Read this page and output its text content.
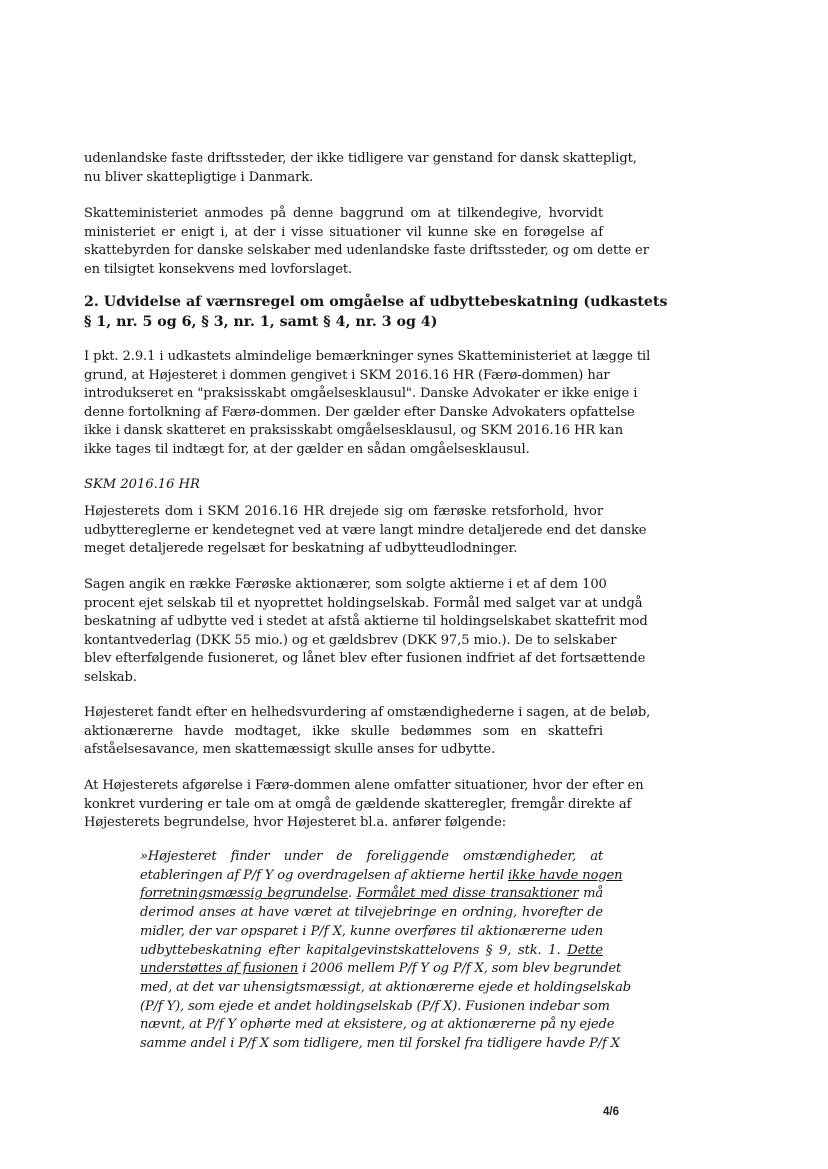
udenlandske faste driftssteder, der ikke tidligere var genstand for dansk skattepligt,
nu bliver skattepligtige i Danmark.
Skatteministeriet anmodes på denne baggrund om at tilkendegive, hvorvidt
ministeriet er enigt i, at der i visse situationer vil kunne ske en forøgelse af
skattebyrden for danske selskaber med udenlandske faste driftssteder, og om dette er
en tilsigtet konsekvens med lovforslaget.
2. Udvidelse af værnsregel om omgåelse af udbyttebeskatning (udkastets
§ 1, nr. 5 og 6, § 3, nr. 1, samt § 4, nr. 3 og 4)
I pkt. 2.9.1 i udkastets almindelige bemærkninger synes Skatteministeriet at lægge til
grund, at Højesteret i dommen gengivet i SKM 2016.16 HR (Færø-dommen) har
introdukseret en "praksisskabt omgåelsesklausul". Danske Advokater er ikke enige i
denne fortolkning af Færø-dommen. Der gælder efter Danske Advokaters opfattelse
ikke i dansk skatteret en praksisskabt omgåelsesklausul, og SKM 2016.16 HR kan
ikke tages til indtægt for, at der gælder en sådan omgåelsesklausul.
SKM 2016.16 HR
Højesterets dom i SKM 2016.16 HR drejede sig om færøske retsforhold, hvor
udbyttereglerne er kendetegnet ved at være langt mindre detaljerede end det danske
meget detaljerede regelsæt for beskatning af udbytteudlodninger.
Sagen angik en række Færøske aktionærer, som solgte aktierne i et af dem 100
procent ejet selskab til et nyoprettet holdingselskab. Formål med salget var at undgå
beskatning af udbytte ved i stedet at afstå aktierne til holdingselskabet skattefrit mod
kontantvederlag (DKK 55 mio.) og et gældsbrev (DKK 97,5 mio.). De to selskaber
blev efterfølgende fusioneret, og lånet blev efter fusionen indfriet af det fortsættende
selskab.
Højesteret fandt efter en helhedsvurdering af omstændighederne i sagen, at de beløb,
aktionærerne havde modtaget, ikke skulle bedømmes som en skattefri
afståelsesavance, men skattemæssigt skulle anses for udbytte.
At Højesterets afgørelse i Færø-dommen alene omfatter situationer, hvor der efter en
konkret vurdering er tale om at omgå de gældende skatteregler, fremgår direkte af
Højesterets begrundelse, hvor Højesteret bl.a. anfører følgende:
»Højesteret finder under de foreliggende omstændigheder, at
etableringen af P/f Y og overdragelsen af aktierne hertil ikke havde nogen
forretningsmæssig begrundelse. Formålet med disse transaktioner må
derimod anses at have været at tilvejebringe en ordning, hvorefter de
midler, der var opsparet i P/f X, kunne overføres til aktionærerne uden
udbyttebeskatning efter kapitalgevinstskattelovens § 9, stk. 1. Dette
understøttes af fusionen i 2006 mellem P/f Y og P/f X, som blev begrundet
med, at det var uhensigtsmæssigt, at aktionærerne ejede et holdingselskab
(P/f Y), som ejede et andet holdingselskab (P/f X). Fusionen indebar som
nævnt, at P/f Y ophørte med at eksistere, og at aktionærerne på ny ejede
samme andel i P/f X som tidligere, men til forskel fra tidligere havde P/f X
4/6
